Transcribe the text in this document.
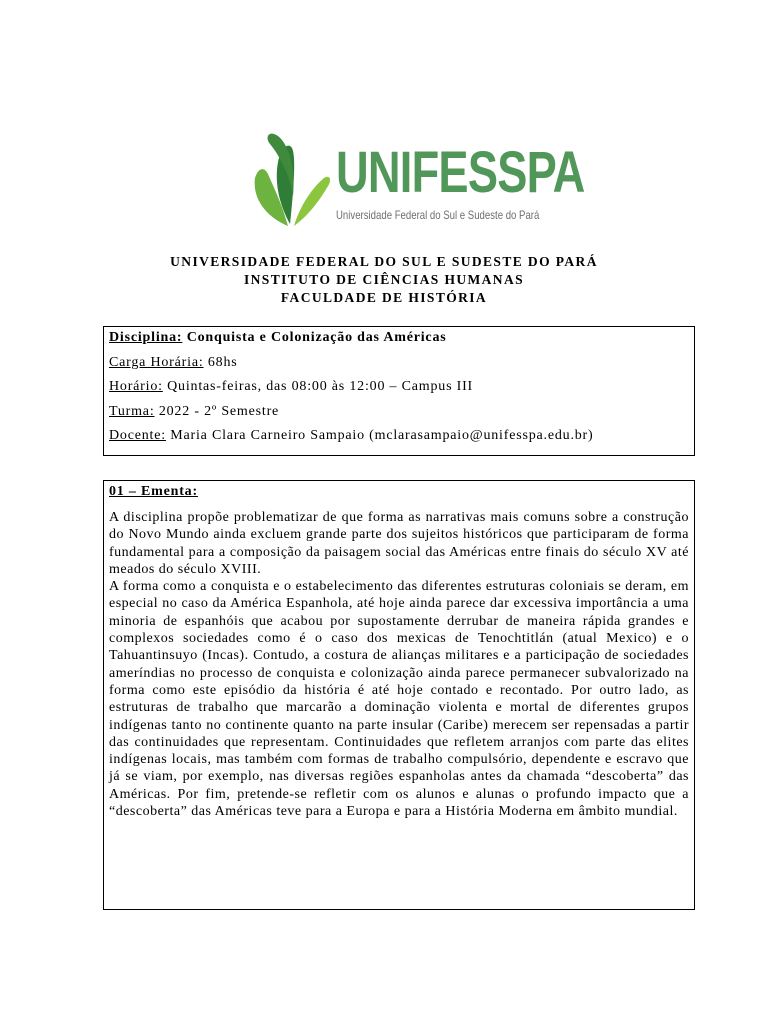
UNIFESSPA
Universidade Federal do Sul e Sudeste do Pará
UNIVERSIDADE FEDERAL DO SUL E SUDESTE DO PARÁ
INSTITUTO DE CIÊNCIAS HUMANAS
FACULDADE DE HISTÓRIA
Disciplina: Conquista e Colonização das Américas
Carga Horária: 68hs
Horário: Quintas-feiras, das 08:00 às 12:00 – Campus III
Turma: 2022 - 2º Semestre
Docente: Maria Clara Carneiro Sampaio (mclarasampaio@unifesspa.edu.br)
01 – Ementa:

A disciplina propõe problematizar de que forma as narrativas mais comuns sobre a construção do Novo Mundo ainda excluem grande parte dos sujeitos históricos que participaram de forma fundamental para a composição da paisagem social das Américas entre finais do século XV até meados do século XVIII.

A forma como a conquista e o estabelecimento das diferentes estruturas coloniais se deram, em especial no caso da América Espanhola, até hoje ainda parece dar excessiva importância a uma minoria de espanhóis que acabou por supostamente derrubar de maneira rápida grandes e complexos sociedades como é o caso dos mexicas de Tenochtitlán (atual Mexico) e o Tahuantinsuyo (Incas). Contudo, a costura de alianças militares e a participação de sociedades ameríndias no processo de conquista e colonização ainda parece permanecer subvalorizado na forma como este episódio da história é até hoje contado e recontado. Por outro lado, as estruturas de trabalho que marcarão a dominação violenta e mortal de diferentes grupos indígenas tanto no continente quanto na parte insular (Caribe) merecem ser repensadas a partir das continuidades que representam. Continuidades que refletem arranjos com parte das elites indígenas locais, mas também com formas de trabalho compulsório, dependente e escravo que já se viam, por exemplo, nas diversas regiões espanholas antes da chamada “descoberta” das Américas. Por fim, pretende-se refletir com os alunos e alunas o profundo impacto que a “descoberta” das Américas teve para a Europa e para a História Moderna em âmbito mundial.
